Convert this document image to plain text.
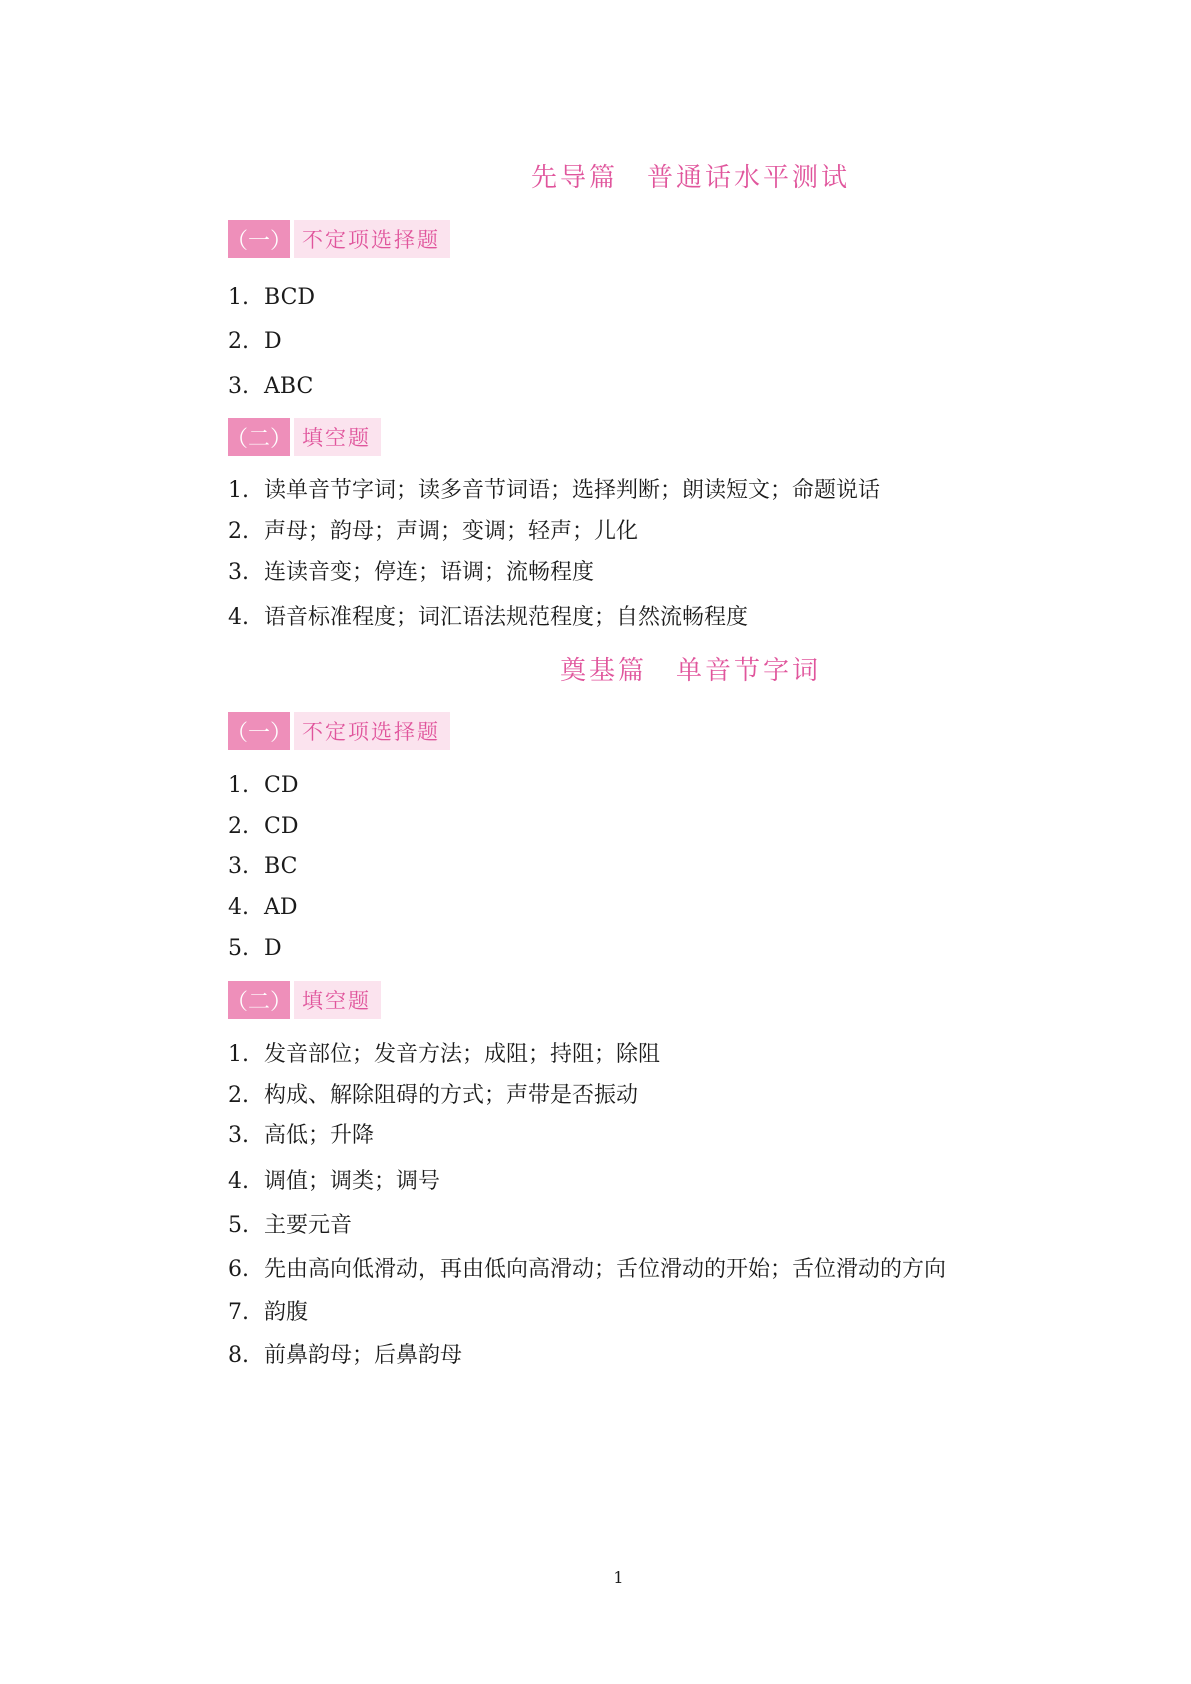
先导篇　普通话水平测试
（一） 不定项选择题
1. BCD
2. D
3. ABC
（二） 填空题
1. 读单音节字词；读多音节词语；选择判断；朗读短文；命题说话
2. 声母；韵母；声调；变调；轻声；儿化
3. 连读音变；停连；语调；流畅程度
4. 语音标准程度；词汇语法规范程度；自然流畅程度
奠基篇　单音节字词
（一） 不定项选择题
1. CD
2. CD
3. BC
4. AD
5. D
（二） 填空题
1. 发音部位；发音方法；成阻；持阻；除阻
2. 构成、解除阻碍的方式；声带是否振动
3. 高低；升降
4. 调值；调类；调号
5. 主要元音
6. 先由高向低滑动，再由低向高滑动；舌位滑动的开始；舌位滑动的方向
7. 韵腹
8. 前鼻韵母；后鼻韵母
1
